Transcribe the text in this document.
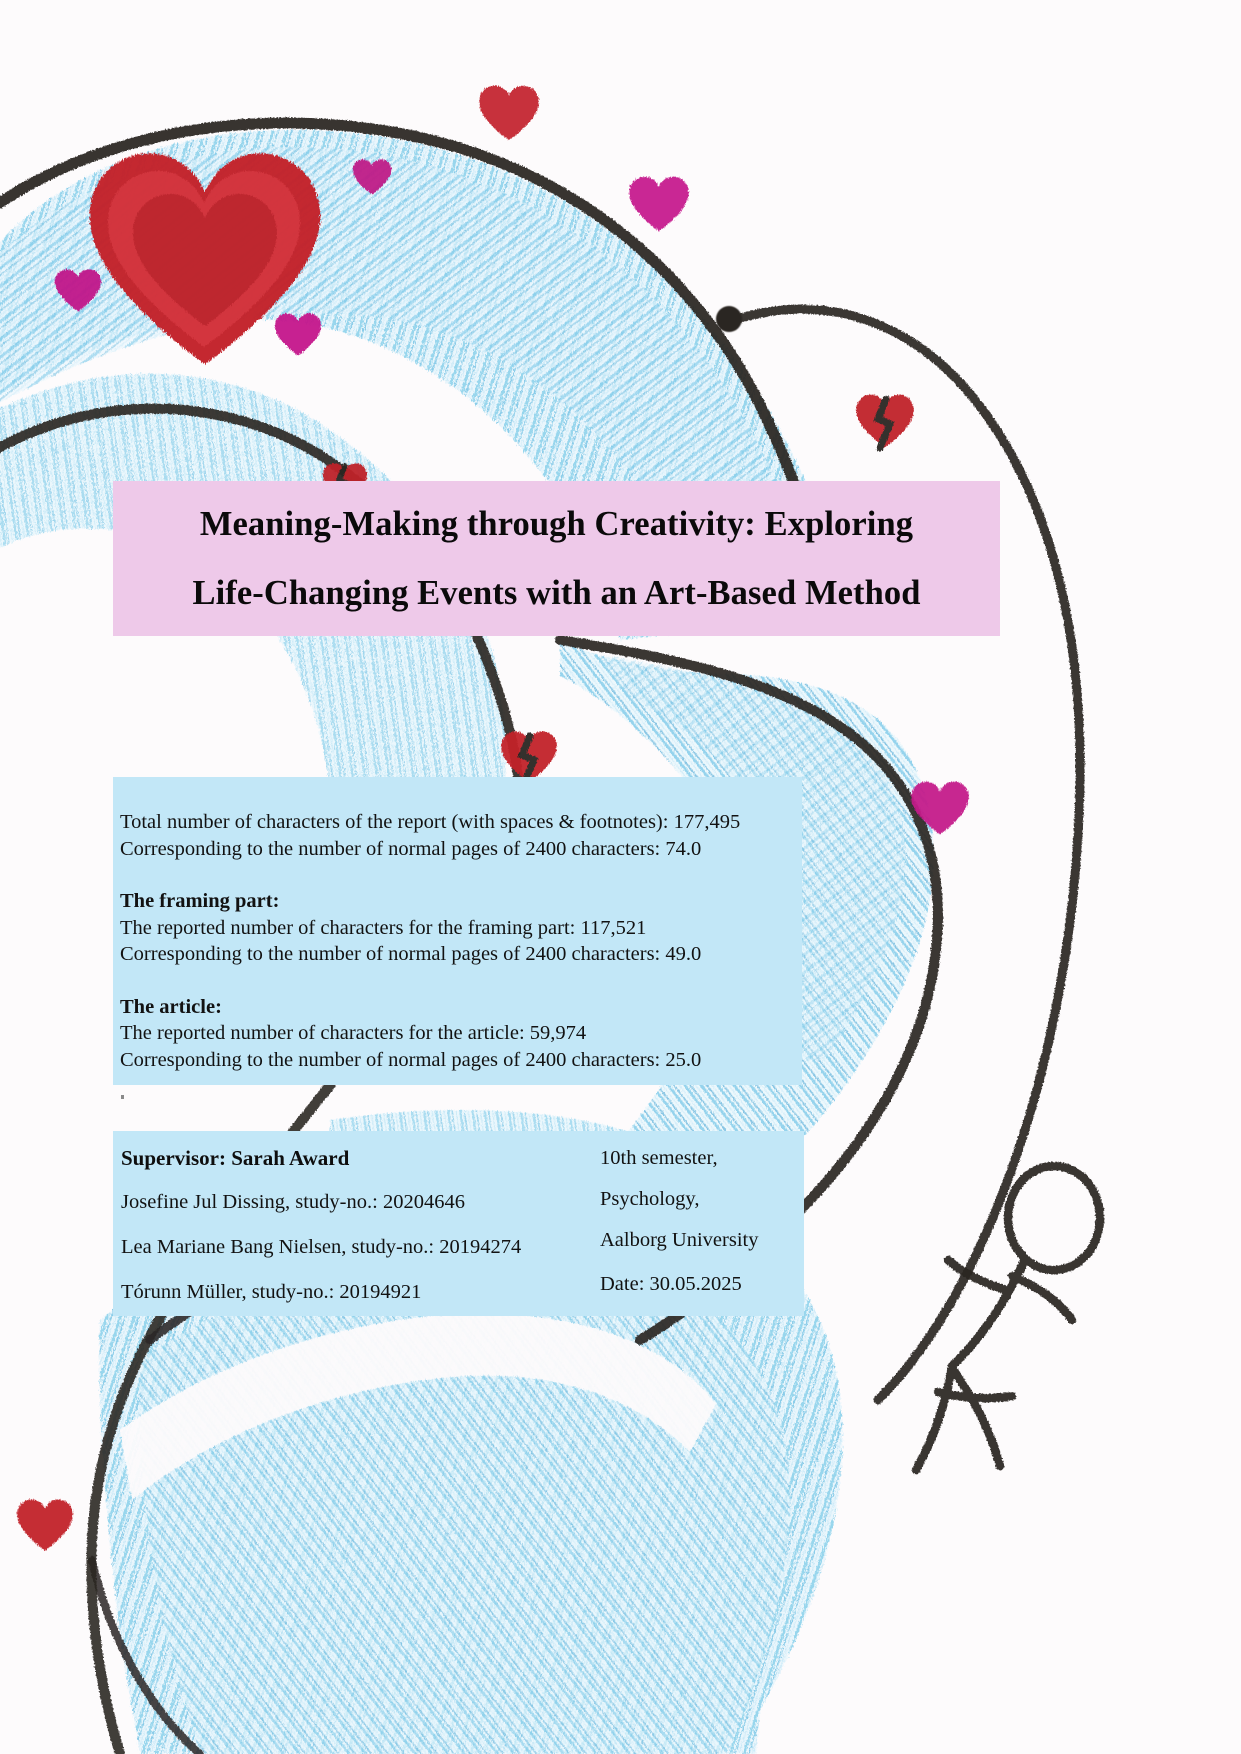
Meaning-Making through Creativity: Exploring
Life-Changing Events with an Art-Based Method
Total number of characters of the report (with spaces & footnotes): 177,495
Corresponding to the number of normal pages of 2400 characters: 74.0
The framing part:
The reported number of characters for the framing part: 117,521
Corresponding to the number of normal pages of 2400 characters: 49.0
The article:
The reported number of characters for the article: 59,974
Corresponding to the number of normal pages of 2400 characters: 25.0
Supervisor: Sarah Award
Josefine Jul Dissing, study-no.: 20204646
Lea Mariane Bang Nielsen, study-no.: 20194274
Tórunn Müller, study-no.: 20194921
10th semester,
Psychology,
Aalborg University
Date: 30.05.2025
